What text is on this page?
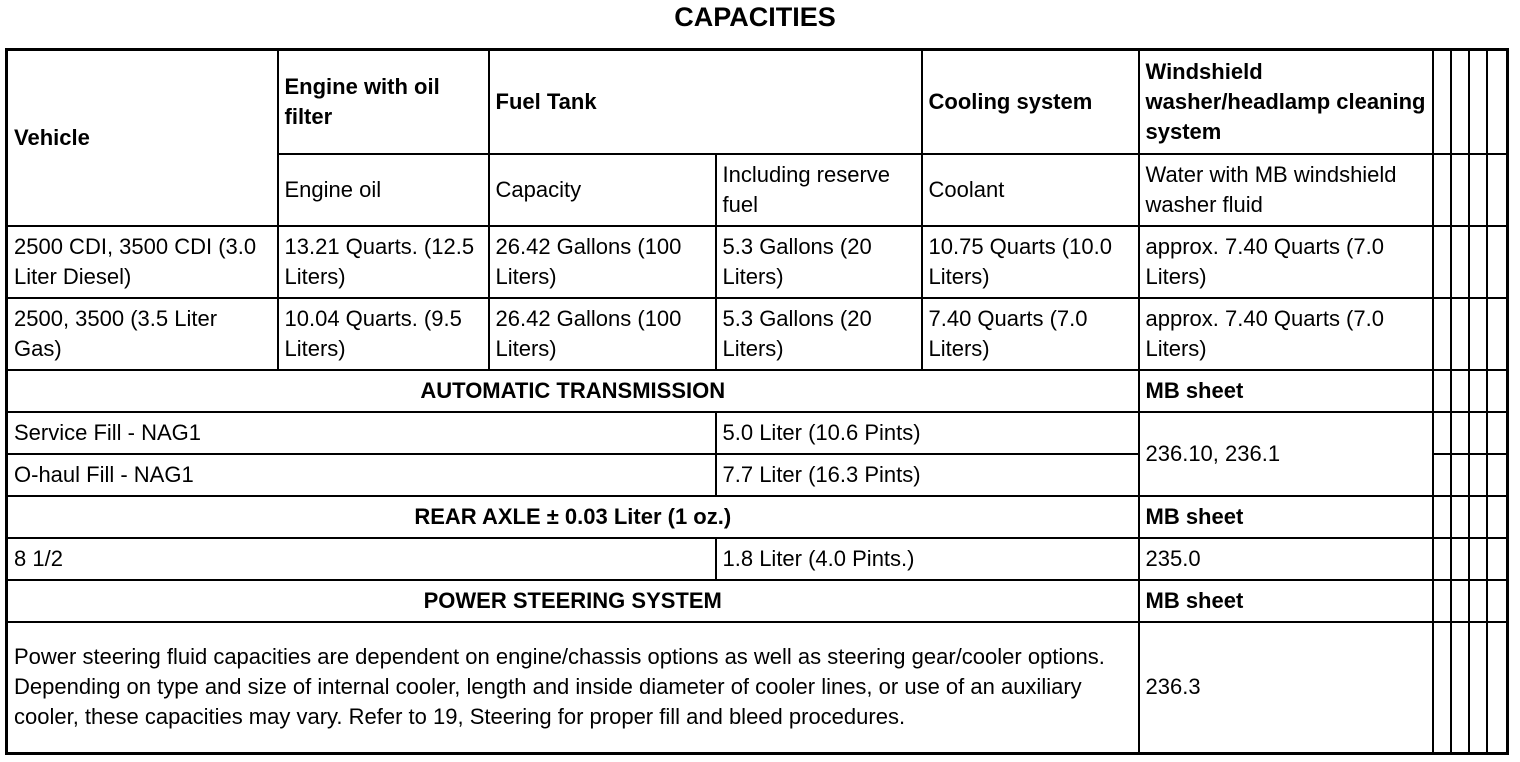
CAPACITIES
Vehicle	Engine with oil filter	Fuel Tank		Cooling system	Windshield washer/headlamp cleaning system				
	Engine oil	Capacity	Including reserve fuel	Coolant	Water with MB windshield washer fluid				
2500 CDI, 3500 CDI (3.0 Liter Diesel)	13.21 Quarts. (12.5 Liters)	26.42 Gallons (100 Liters)	5.3 Gallons (20 Liters)	10.75 Quarts (10.0 Liters)	approx. 7.40 Quarts (7.0 Liters)				
2500, 3500 (3.5 Liter Gas)	10.04 Quarts. (9.5 Liters)	26.42 Gallons (100 Liters)	5.3 Gallons (20 Liters)	7.40 Quarts (7.0 Liters)	approx. 7.40 Quarts (7.0 Liters)				
AUTOMATIC TRANSMISSION					MB sheet				
Service Fill - NAG1			5.0 Liter (10.6 Pints)		236.10, 236.1				
O-haul Fill - NAG1			7.7 Liter (16.3 Pints)						
REAR AXLE ± 0.03 Liter (1 oz.)					MB sheet				
8 1/2			1.8 Liter (4.0 Pints.)		235.0				
POWER STEERING SYSTEM					MB sheet				
Power steering fluid capacities are dependent on engine/chassis options as well as steering gear/cooler options. Depending on type and size of internal cooler, length and inside diameter of cooler lines, or use of an auxiliary cooler, these capacities may vary. Refer to 19, Steering for proper fill and bleed procedures.					236.3				
